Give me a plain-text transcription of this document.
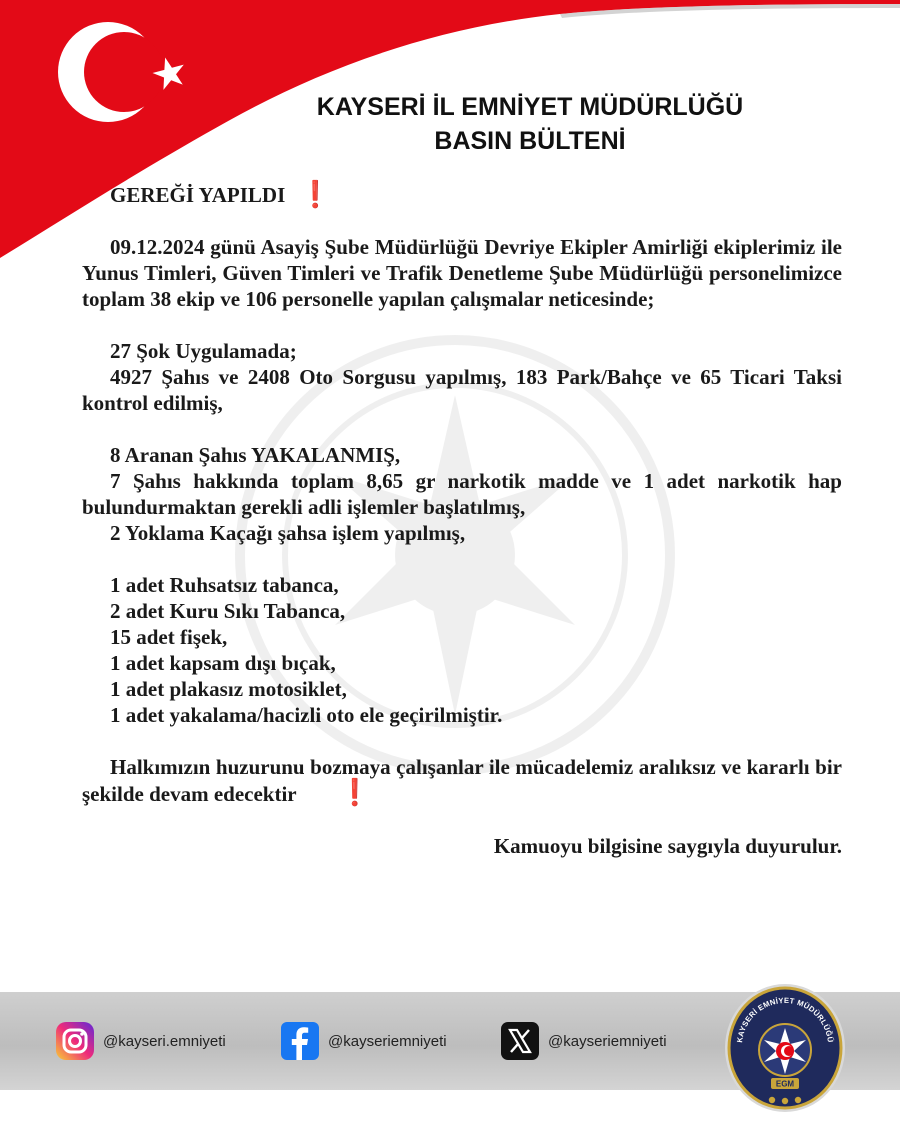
KAYSERİ İL EMNİYET MÜDÜRLÜĞÜ
BASIN BÜLTENİ

GEREĞİ YAPILDI ❗

09.12.2024 günü Asayiş Şube Müdürlüğü Devriye Ekipler Amirliği ekiplerimiz ile Yunus Timleri, Güven Timleri ve Trafik Denetleme Şube Müdürlüğü personelimizce toplam 38 ekip ve 106 personelle yapılan çalışmalar neticesinde;

27 Şok Uygulamada;

4927 Şahıs ve 2408 Oto Sorgusu yapılmış, 183 Park/Bahçe ve 65 Ticari Taksi kontrol edilmiş,

8 Aranan Şahıs YAKALANMIŞ,

7 Şahıs hakkında toplam 8,65 gr narkotik madde ve 1 adet narkotik hap bulundurmaktan gerekli adli işlemler başlatılmış,

2 Yoklama Kaçağı şahsa işlem yapılmış,

1 adet Ruhsatsız tabanca,

2 adet Kuru Sıkı Tabanca,

15 adet fişek,

1 adet kapsam dışı bıçak,

1 adet plakasız motosiklet,

1 adet yakalama/hacizli oto ele geçirilmiştir.

Halkımızın huzurunu bozmaya çalışanlar ile mücadelemiz aralıksız ve kararlı bir şekilde devam edecektir ❗

Kamuoyu bilgisine saygıyla duyurulur.

@kayseri.emniyeti	@kayseriemniyeti	@kayseriemniyeti	KAYSERİ EMNİYET MÜDÜRLÜĞÜ
EGM
